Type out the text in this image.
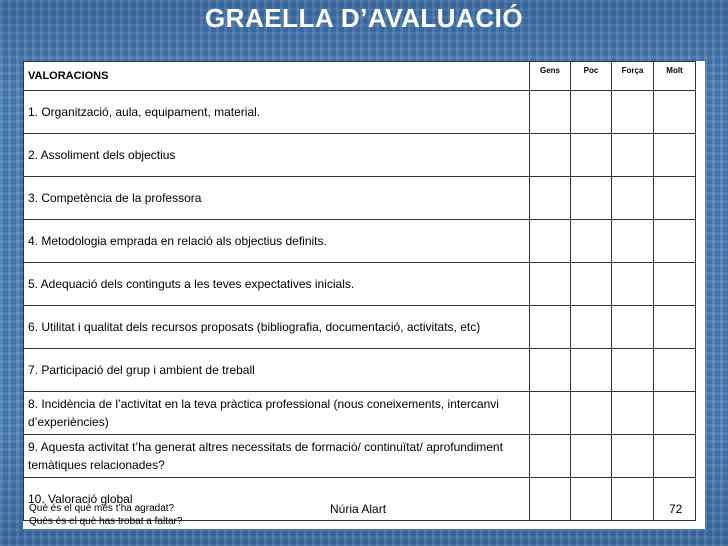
GRAELLA D’AVALUACIÓ
VALORACIONS	Gens	Poc	Força	Molt
1. Organització, aula, equipament, material.				
2. Assoliment dels objectius				
3. Competència de la professora				
4. Metodologia emprada en relació als objectius definits.				
5. Adequació dels continguts a les teves expectatives inicials.				
6. Utilitat i qualitat dels recursos proposats (bibliografia, documentació, activitats, etc)				
7. Participació del grup i ambient de treball				
8. Incidència de l’activitat en la teva pràctica professional (nous coneixements, intercanvi d’experiències)				
9. Aquesta activitat t’ha generat altres necessitats de formació/ continuïtat/ aprofundiment temàtiques relacionades?				
10. Valoració global				
Què és el què més t’ha agradat?
Quès és el què has trobat a faltar?
Núria Alart	72
